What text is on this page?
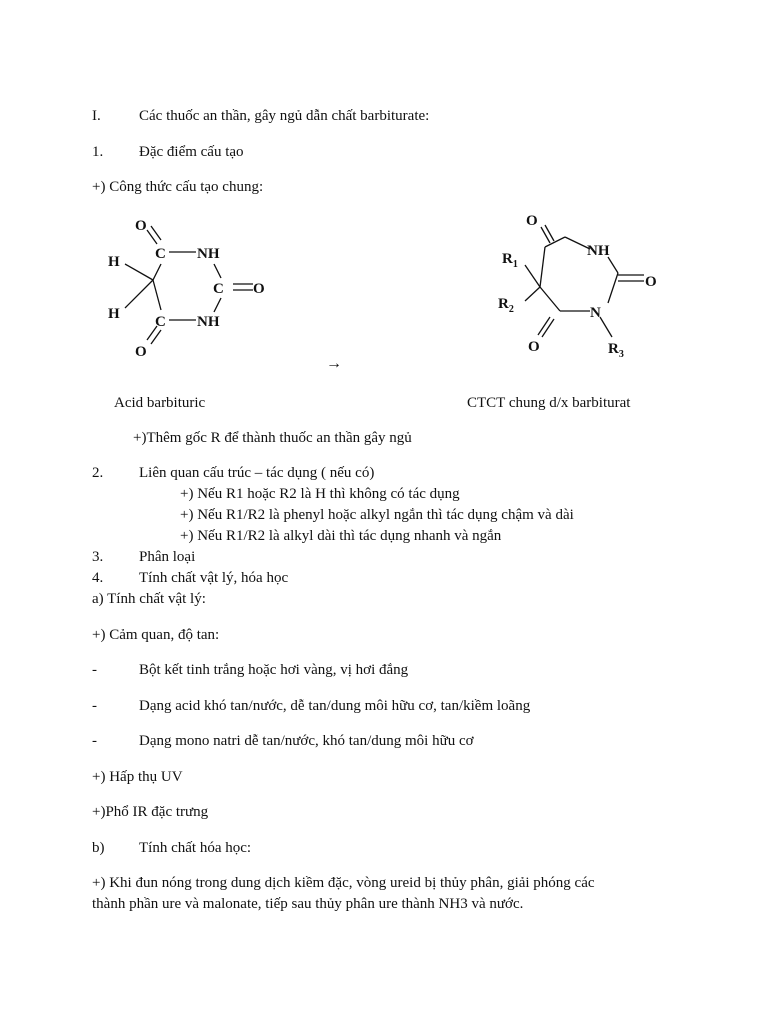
I.	Các thuốc an thần, gây ngủ dẫn chất barbiturate:
1. Đặc điểm cấu tạo
+) Công thức cấu tạo chung:
O
C NH
H
C O
H C NH
O
→
O
NH
$R_1$
O
$R_2$	N
O	$R_3$
Acid barbituric	CTCT chung d/x barbiturat
+)Thêm gốc R để thành thuốc an thần gây ngủ
2. Liên quan cấu trúc – tác dụng ( nếu có)
+) Nếu R1 hoặc R2 là H thì không có tác dụng
+) Nếu R1/R2 là phenyl hoặc alkyl ngắn thì tác dụng chậm và dài
+) Nếu R1/R2 là alkyl dài thì tác dụng nhanh và ngắn
3. Phân loại
4. Tính chất vật lý, hóa học
a) Tính chất vật lý:
+) Cảm quan, độ tan:
-	Bột kết tinh trắng hoặc hơi vàng, vị hơi đắng
-	Dạng acid khó tan/nước, dễ tan/dung môi hữu cơ, tan/kiềm loãng
-	Dạng mono natri dễ tan/nước, khó tan/dung môi hữu cơ
+) Hấp thụ UV
+)Phổ IR đặc trưng
b) Tính chất hóa học:
+) Khi đun nóng trong dung dịch kiềm đặc, vòng ureid bị thủy phân, giải phóng các
thành phần ure và malonate, tiếp sau thủy phân ure thành NH3 và nước.
